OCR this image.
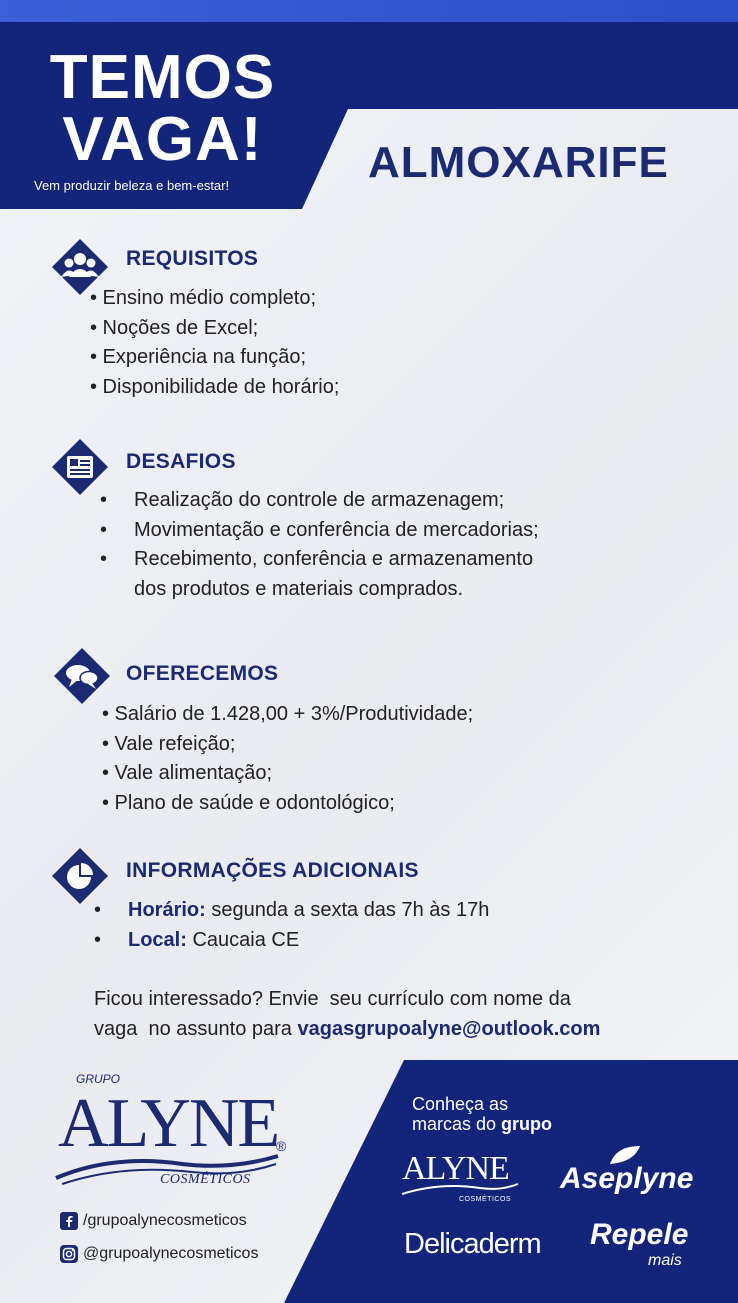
TEMOS
VAGA!
Vem produzir beleza e bem-estar!	ALMOXARIFE
REQUISITOS
• Ensino médio completo;
• Noções de Excel;
• Experiência na função;
• Disponibilidade de horário;
DESAFIOS
•	Realização do controle de armazenagem;
•	Movimentação e conferência de mercadorias;
•	Recebimento, conferência e armazenamento
dos produtos e materiais comprados.
OFERECEMOS
• Salário de 1.428,00 + 3%/Produtividade;
• Vale refeição;
• Vale alimentação;
• Plano de saúde e odontológico;
INFORMAÇÕES ADICIONAIS
•	Horário: segunda a sexta das 7h às 17h
•	Local: Caucaia CE
Ficou interessado? Envie  seu currículo com nome da
vaga  no assunto para vagasgrupoalyne@outlook.com
GRUPO
ALYNE
®
COSMÉTICOS
/grupoalynecosmeticos
@grupoalynecosmeticos
Conheça as
marcas do grupo
ALYNE
COSMÉTICOS
Aseplyne
Delicaderm Repele
mais
